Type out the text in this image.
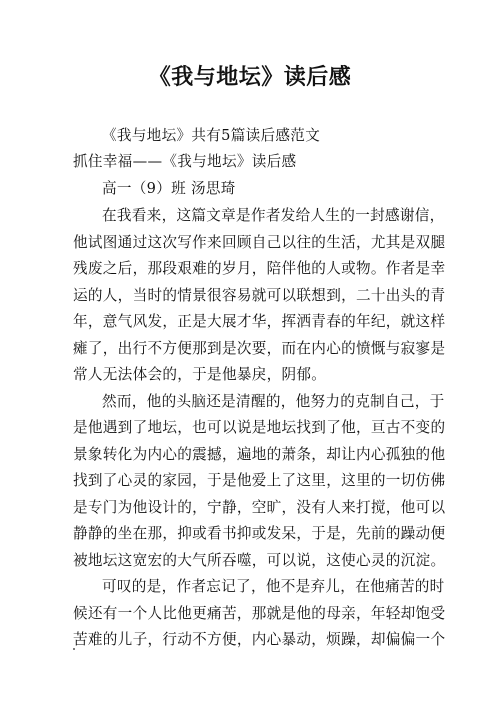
《我与地坛》读后感
《我与地坛》共有5篇读后感范文
抓住幸福——《我与地坛》读后感
高一（9）班 汤思琦
在我看来，这篇文章是作者发给人生的一封感谢信，
他试图通过这次写作来回顾自己以往的生活，尤其是双腿
残废之后，那段艰难的岁月，陪伴他的人或物。作者是幸
运的人，当时的情景很容易就可以联想到，二十出头的青
年，意气风发，正是大展才华，挥洒青春的年纪，就这样
瘫了，出行不方便那到是次要，而在内心的愤慨与寂寥是
常人无法体会的，于是他暴戾，阴郁。
然而，他的头脑还是清醒的，他努力的克制自己，于
是他遇到了地坛，也可以说是地坛找到了他，亘古不变的
景象转化为内心的震撼，遍地的萧条，却让内心孤独的他
找到了心灵的家园，于是他爱上了这里，这里的一切仿佛
是专门为他设计的，宁静，空旷，没有人来打搅，他可以
静静的坐在那，抑或看书抑或发呆，于是，先前的躁动便
被地坛这宽宏的大气所吞噬，可以说，这使心灵的沉淀。
可叹的是，作者忘记了，他不是弃儿，在他痛苦的时
候还有一个人比他更痛苦，那就是他的母亲，年轻却饱受
苦难的儿子，行动不方便，内心暴动，烦躁，却偏偏一个
